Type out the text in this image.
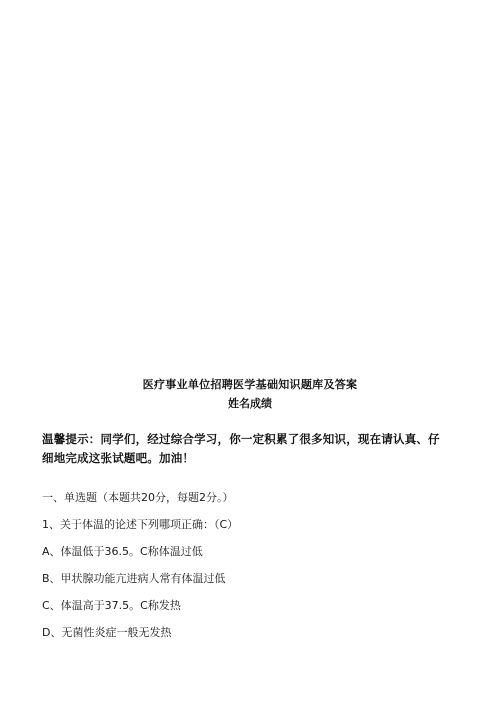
医疗事业单位招聘医学基础知识题库及答案
姓名成绩
温馨提示：同学们，经过综合学习，你一定积累了很多知识，现在请认真、仔
细地完成这张试题吧。加油！
一、单选题（本题共20分，每题2分。）
1、关于体温的论述下列哪项正确：（C）
A、体温低于36.5。C称体温过低
B、甲状腺功能亢进病人常有体温过低
C、体温高于37.5。C称发热
D、无菌性炎症一般无发热
